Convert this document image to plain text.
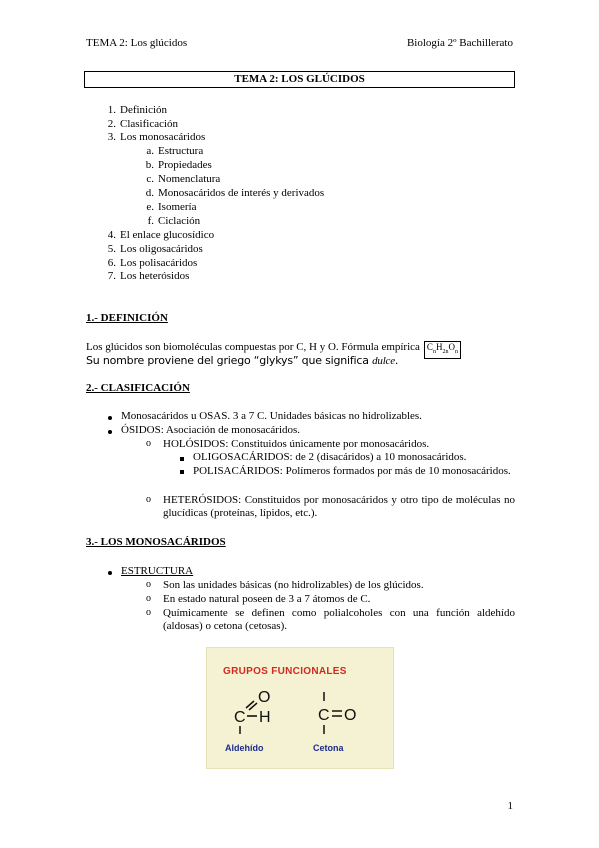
TEMA 2: Los glúcidos	Biología 2º Bachillerato
TEMA 2: LOS GLÚCIDOS
1. Definición
2. Clasificación
3. Los monosacáridos
a. Estructura
b. Propiedades
c. Nomenclatura
d. Monosacáridos de interés y derivados
e. Isomería
f. Ciclación
4. El enlace glucosídico
5. Los oligosacáridos
6. Los polisacáridos
7. Los heterósidos
1.- DEFINICIÓN
Los glúcidos son biomoléculas compuestas por C, H y O. Fórmula empírica $C_nH_{2n}O_n$
Su nombre proviene del griego “glykys” que significa dulce.
2.- CLASIFICACIÓN
Monosacáridos u OSAS. 3 a 7 C. Unidades básicas no hidrolizables.
ÓSIDOS: Asociación de monosacáridos.
o HOLÓSIDOS: Constituidos únicamente por monosacáridos.
OLIGOSACÁRIDOS: de 2 (disacáridos) a 10 monosacáridos.
POLISACÁRIDOS: Polímeros formados por más de 10 monosacáridos.
o HETERÓSIDOS: Constituidos por monosacáridos y otro tipo de moléculas no glucídicas (proteínas, lípidos, etc.).
3.- LOS MONOSACÁRIDOS
ESTRUCTURA
o Son las unidades básicas (no hidrolizables) de los glúcidos.
o En estado natural poseen de 3 a 7 átomos de C.
o Químicamente se definen como polialcoholes con una función aldehído (aldosas) o cetona (cetosas).
GRUPOS FUNCIONALES
C H
O
C O
Aldehído	Cetona
1
